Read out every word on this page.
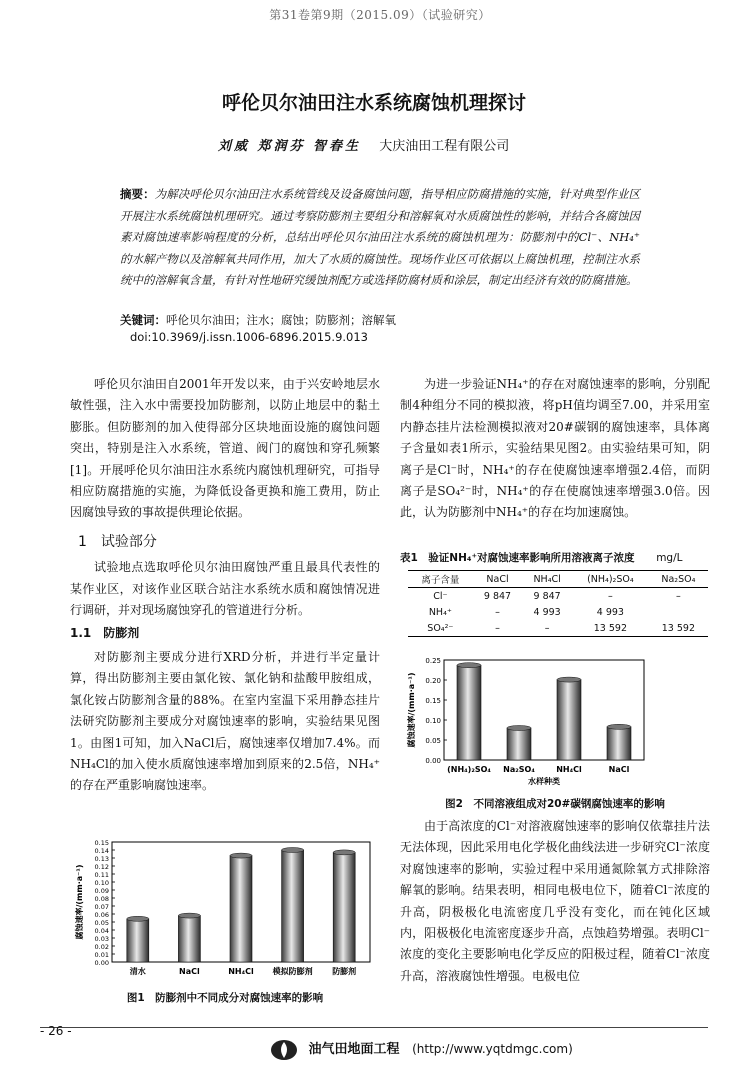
第31卷第9期（2015.09）（试验研究）
呼伦贝尔油田注水系统腐蚀机理探讨
刘威 郑润芬 智春生 大庆油田工程有限公司
摘要：为解决呼伦贝尔油田注水系统管线及设备腐蚀问题，指导相应防腐措施的实施，针对典型作业区开展注水系统腐蚀机理研究。通过考察防膨剂主要组分和溶解氧对水质腐蚀性的影响，并结合各腐蚀因素对腐蚀速率影响程度的分析，总结出呼伦贝尔油田注水系统的腐蚀机理为：防膨剂中的Cl⁻、NH₄⁺的水解产物以及溶解氧共同作用，加大了水质的腐蚀性。现场作业区可依据以上腐蚀机理，控制注水系统中的溶解氧含量，有针对性地研究缓蚀剂配方或选择防腐材质和涂层，制定出经济有效的防腐措施。
关键词：呼伦贝尔油田；注水；腐蚀；防膨剂；溶解氧
doi:10.3969/j.issn.1006-6896.2015.9.013

呼伦贝尔油田自2001年开发以来，由于兴安岭地层水敏性强，注入水中需要投加防膨剂，以防止地层中的黏土膨胀。但防膨剂的加入使得部分区块地面设施的腐蚀问题突出，特别是注入水系统，管道、阀门的腐蚀和穿孔频繁[1]。开展呼伦贝尔油田注水系统内腐蚀机理研究，可指导相应防腐措施的实施，为降低设备更换和施工费用，防止因腐蚀导致的事故提供理论依据。

1　试验部分

试验地点选取呼伦贝尔油田腐蚀严重且最具代表性的某作业区，对该作业区联合站注水系统水质和腐蚀情况进行调研，并对现场腐蚀穿孔的管道进行分析。

1.1　防膨剂

对防膨剂主要成分进行XRD分析，并进行半定量计算，得出防膨剂主要由氯化铵、氯化钠和盐酸甲胺组成，氯化铵占防膨剂含量的88%。在室内室温下采用静态挂片法研究防膨剂主要成分对腐蚀速率的影响，实验结果见图1。由图1可知，加入NaCl后，腐蚀速率仅增加7.4%。而NH₄Cl的加入使水质腐蚀速率增加到原来的2.5倍，NH₄⁺的存在严重影响腐蚀速率。

0.00
0.01
0.02
0.03
0.04
0.05
0.06
0.07
0.08
0.09
0.10
0.11
0.12
0.13
0.14
0.15
腐蚀速率/(mm·a⁻¹)
清水	NaCl	NH₄Cl 模拟防膨剂 防膨剂
图1　防膨剂中不同成分对腐蚀速率的影响

为进一步验证NH₄⁺的存在对腐蚀速率的影响，分别配制4种组分不同的模拟液，将pH值均调至7.00，并采用室内静态挂片法检测模拟液对20#碳钢的腐蚀速率，具体离子含量如表1所示，实验结果见图2。由实验结果可知，阴离子是Cl⁻时，NH₄⁺的存在使腐蚀速率增强2.4倍，而阴离子是SO₄²⁻时，NH₄⁺的存在使腐蚀速率增强3.0倍。因此，认为防膨剂中NH₄⁺的存在均加速腐蚀。

表1　验证NH₄⁺对腐蚀速率影响所用溶液离子浓度 mg/L
离子含量	NaCl	NH₄Cl	(NH₄)₂SO₄	Na₂SO₄
Cl⁻	9 847	9 847	–	–
NH₄⁺	–	4 993	4 993	
SO₄²⁻	–	–	13 592	13 592
0.00
0.05
0.10
0.15
0.20
0.25
腐蚀速率/(mm·a⁻¹)
(NH₄)₂SO₄ Na₂SO₄	NH₄Cl	NaCl
水样种类
图2　不同溶液组成对20#碳钢腐蚀速率的影响

由于高浓度的Cl⁻对溶液腐蚀速率的影响仅依靠挂片法无法体现，因此采用电化学极化曲线法进一步研究Cl⁻浓度对腐蚀速率的影响，实验过程中采用通氮除氧方式排除溶解氧的影响。结果表明，相同电极电位下，随着Cl⁻浓度的升高，阴极极化电流密度几乎没有变化，而在钝化区域内，阳极极化电流密度逐步升高，点蚀趋势增强。表明Cl⁻浓度的变化主要影响电化学反应的阳极过程，随着Cl⁻浓度升高，溶液腐蚀性增强。电极电位

- 26 -
油气田地面工程 (http://www.yqtdmgc.com)
